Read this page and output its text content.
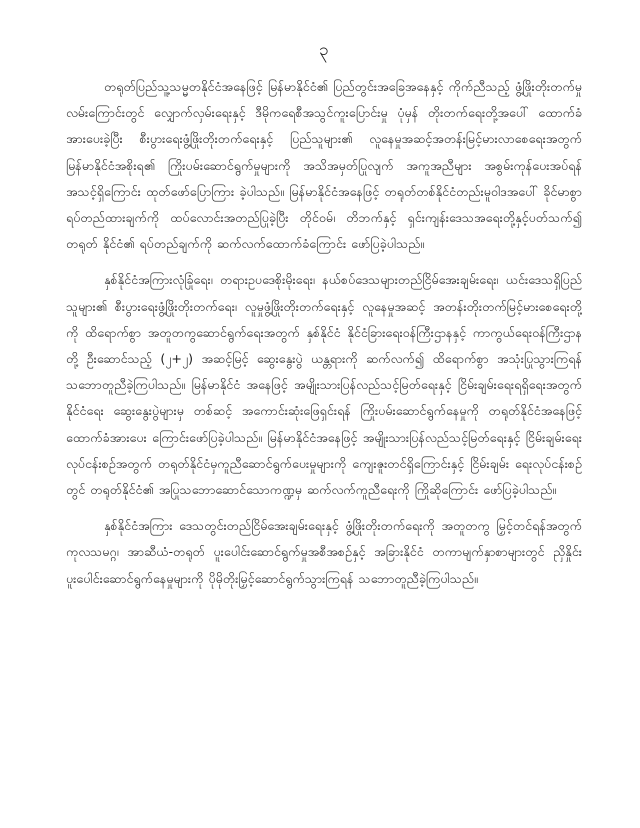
၃

တရုတ်ပြည်သူ့သမ္မတနိုင်ငံအနေဖြင့် မြန်မာနိုင်ငံ၏ ပြည်တွင်းအခြေအနေနှင့် ကိုက်ညီသည့် ဖွံ့ဖြိုးတိုးတက်မှုလမ်းကြောင်းတွင် လျှောက်လှမ်းရေးနှင့် ဒီမိုကရေစီအသွင်ကူးပြောင်းမှု ပုံမှန် တိုးတက်ရေးတို့အပေါ် ထောက်ခံအားပေးခဲ့ပြီး စီးပွားရေးဖွံ့ဖြိုးတိုးတက်ရေးနှင့် ပြည်သူများ၏ လူနေမှုအဆင့်အတန်းမြင့်မားလာစေရေးအတွက် မြန်မာနိုင်ငံအစိုးရ၏ ကြိုးပမ်းဆောင်ရွက်မှုများကို အသိအမှတ်ပြုလျက် အကူအညီများ အစွမ်းကုန်ပေးအပ်ရန် အသင့်ရှိကြောင်း ထုတ်ဖော်ပြောကြား ခဲ့ပါသည်။ မြန်မာနိုင်ငံအနေဖြင့် တရုတ်တစ်နိုင်ငံတည်းမူဝါဒအပေါ် ခိုင်မာစွာ ရပ်တည်ထားချက်ကို ထပ်လောင်းအတည်ပြုခဲ့ပြီး တိုင်ဝမ်၊ တိဘက်နှင့် ရှင်းကျန်းဒေသအရေးတို့နှင့်ပတ်သက်၍ တရုတ် နိုင်ငံ၏ ရပ်တည်ချက်ကို ဆက်လက်ထောက်ခံကြောင်း ဖော်ပြခဲ့ပါသည်။

နှစ်နိုင်ငံအကြားလုံခြုံရေး၊ တရားဥပဒေစိုးမိုးရေး၊ နယ်စပ်ဒေသများတည်ငြိမ်အေးချမ်းရေး၊ ယင်းဒေသရှိပြည်သူများ၏ စီးပွားရေးဖွံ့ဖြိုးတိုးတက်ရေး၊ လူမှုဖွံ့ဖြိုးတိုးတက်ရေးနှင့် လူနေမှုအဆင့် အတန်းတိုးတက်မြင့်မားစေရေးတို့ကို ထိရောက်စွာ အတူတကွဆောင်ရွက်ရေးအတွက် နှစ်နိုင်ငံ နိုင်ငံခြားရေးဝန်ကြီးဌာနနှင့် ကာကွယ်ရေးဝန်ကြီးဌာနတို့ ဦးဆောင်သည့် (၂+၂) အဆင့်မြင့် ဆွေးနွေးပွဲ ယန္တရားကို ဆက်လက်၍ ထိရောက်စွာ အသုံးပြုသွားကြရန် သဘောတူညီခဲ့ကြပါသည်။ မြန်မာနိုင်ငံ အနေဖြင့် အမျိုးသားပြန်လည်သင့်မြတ်ရေးနှင့် ငြိမ်းချမ်းရေးရရှိရေးအတွက် နိုင်ငံရေး ဆွေးနွေးပွဲများမှ တစ်ဆင့် အကောင်းဆုံးဖြေရှင်းရန် ကြိုးပမ်းဆောင်ရွက်နေမှုကို တရုတ်နိုင်ငံအနေဖြင့် ထောက်ခံအားပေး ကြောင်းဖော်ပြခဲ့ပါသည်။ မြန်မာနိုင်ငံအနေဖြင့် အမျိုးသားပြန်လည်သင့်မြတ်ရေးနှင့် ငြိမ်းချမ်းရေး လုပ်ငန်းစဉ်အတွက် တရုတ်နိုင်ငံမှကူညီဆောင်ရွက်ပေးမှုများကို ကျေးဇူးတင်ရှိကြောင်းနှင့် ငြိမ်းချမ်း ရေးလုပ်ငန်းစဉ်တွင် တရုတ်နိုင်ငံ၏ အပြုသဘောဆောင်သောကဏ္ဍမှ ဆက်လက်ကူညီရေးကို ကြိုဆိုကြောင်း ဖော်ပြခဲ့ပါသည်။

နှစ်နိုင်ငံအကြား ဒေသတွင်းတည်ငြိမ်အေးချမ်းရေးနှင့် ဖွံ့ဖြိုးတိုးတက်ရေးကို အတူတကွ မြှင့်တင်ရန်အတွက် ကုလသမဂ္ဂ၊ အာဆီယံ-တရုတ် ပူးပေါင်းဆောင်ရွက်မှုအစီအစဉ်နှင့် အခြားနိုင်ငံ တကာမျက်နှာစာများတွင် ညှိနှိုင်းပူးပေါင်းဆောင်ရွက်နေမှုများကို ပိုမိုတိုးမြှင့်ဆောင်ရွက်သွားကြရန် သဘောတူညီခဲ့ကြပါသည်။
